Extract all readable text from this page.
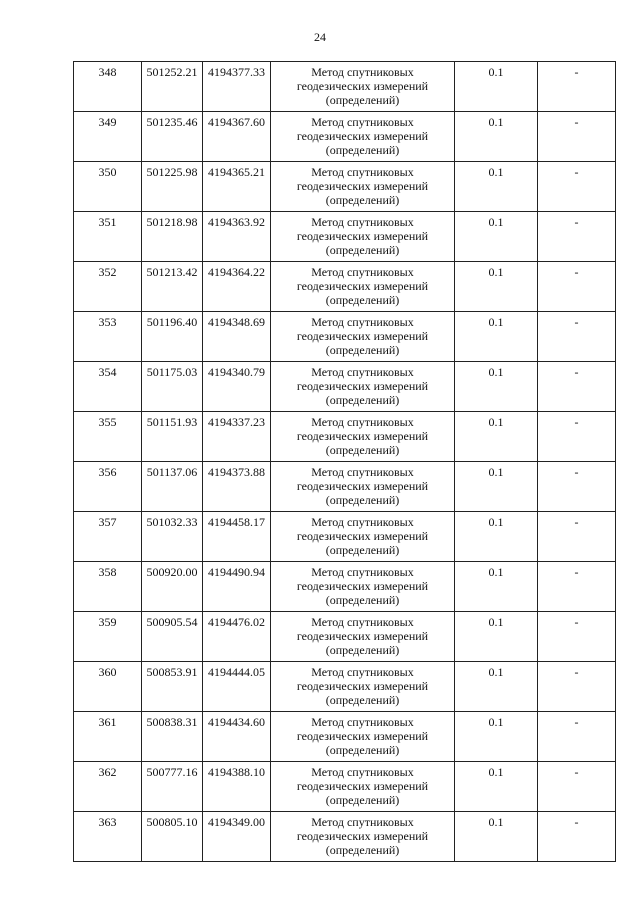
24
348	501252.21	4194377.33	Метод спутниковых геодезических измерений (определений)	0.1	-
349	501235.46	4194367.60	Метод спутниковых геодезических измерений (определений)	0.1	-
350	501225.98	4194365.21	Метод спутниковых геодезических измерений (определений)	0.1	-
351	501218.98	4194363.92	Метод спутниковых геодезических измерений (определений)	0.1	-
352	501213.42	4194364.22	Метод спутниковых геодезических измерений (определений)	0.1	-
353	501196.40	4194348.69	Метод спутниковых геодезических измерений (определений)	0.1	-
354	501175.03	4194340.79	Метод спутниковых геодезических измерений (определений)	0.1	-
355	501151.93	4194337.23	Метод спутниковых геодезических измерений (определений)	0.1	-
356	501137.06	4194373.88	Метод спутниковых геодезических измерений (определений)	0.1	-
357	501032.33	4194458.17	Метод спутниковых геодезических измерений (определений)	0.1	-
358	500920.00	4194490.94	Метод спутниковых геодезических измерений (определений)	0.1	-
359	500905.54	4194476.02	Метод спутниковых геодезических измерений (определений)	0.1	-
360	500853.91	4194444.05	Метод спутниковых геодезических измерений (определений)	0.1	-
361	500838.31	4194434.60	Метод спутниковых геодезических измерений (определений)	0.1	-
362	500777.16	4194388.10	Метод спутниковых геодезических измерений (определений)	0.1	-
363	500805.10	4194349.00	Метод спутниковых геодезических измерений (определений)	0.1	-
